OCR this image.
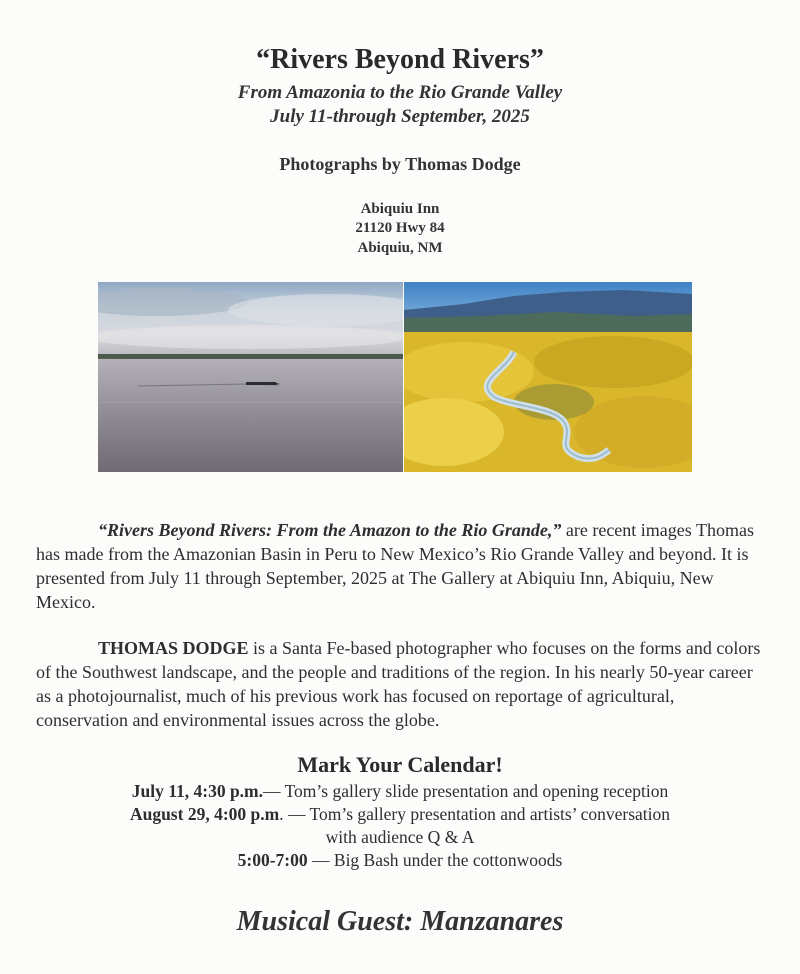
“Rivers Beyond Rivers”
From Amazonia to the Rio Grande Valley
July 11-through September, 2025
Photographs by Thomas Dodge
Abiquiu Inn
21120 Hwy 84
Abiquiu, NM
“Rivers Beyond Rivers: From the Amazon to the Rio Grande,” are recent images Thomas has made from the Amazonian Basin in Peru to New Mexico’s Rio Grande Valley and beyond. It is presented from July 11 through September, 2025 at The Gallery at Abiquiu Inn, Abiquiu, New Mexico.
THOMAS DODGE is a Santa Fe-based photographer who focuses on the forms and colors of the Southwest landscape, and the people and traditions of the region. In his nearly 50-year career as a photojournalist, much of his previous work has focused on reportage of agricultural, conservation and environmental issues across the globe.
Mark Your Calendar!
July 11, 4:30 p.m.— Tom’s gallery slide presentation and opening reception
August 29, 4:00 p.m. — Tom’s gallery presentation and artists’ conversation
with audience Q & A
5:00-7:00 — Big Bash under the cottonwoods
Musical Guest: Manzanares
